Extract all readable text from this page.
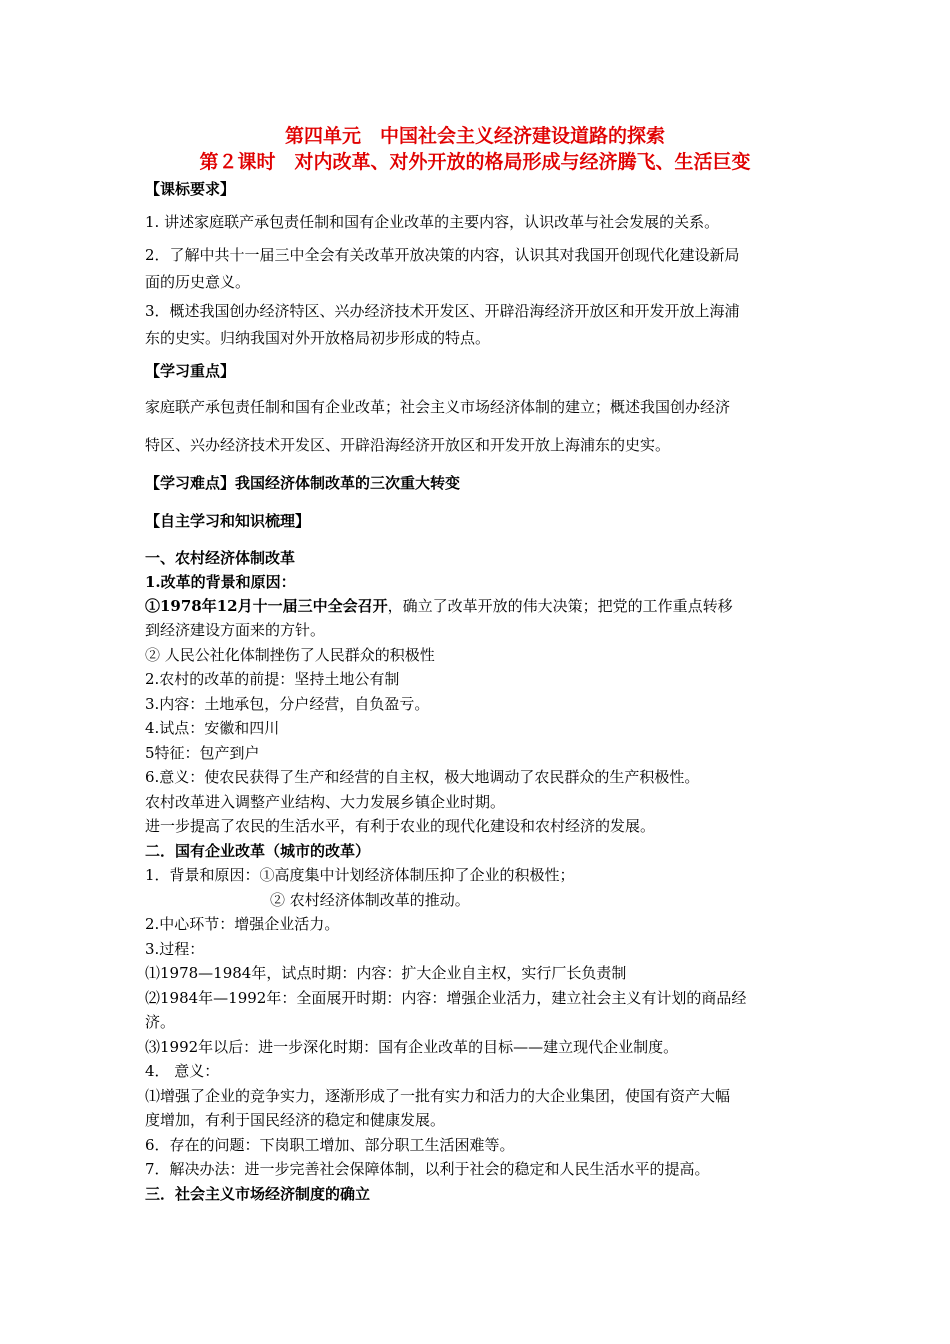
第四单元　中国社会主义经济建设道路的探索
第２课时　对内改革、对外开放的格局形成与经济腾飞、生活巨变
【课标要求】
1. 讲述家庭联产承包责任制和国有企业改革的主要内容，认识改革与社会发展的关系。
2．了解中共十一届三中全会有关改革开放决策的内容，认识其对我国开创现代化建设新局
面的历史意义。
3．概述我国创办经济特区、兴办经济技术开发区、开辟沿海经济开放区和开发开放上海浦
东的史实。归纳我国对外开放格局初步形成的特点。
【学习重点】
家庭联产承包责任制和国有企业改革；社会主义市场经济体制的建立；概述我国创办经济
特区、兴办经济技术开发区、开辟沿海经济开放区和开发开放上海浦东的史实。
【学习难点】我国经济体制改革的三次重大转变
【自主学习和知识梳理】
一、农村经济体制改革
1.改革的背景和原因：
①1978年12月十一届三中全会召开，确立了改革开放的伟大决策；把党的工作重点转移
到经济建设方面来的方针。
② 人民公社化体制挫伤了人民群众的积极性
2.农村的改革的前提：坚持土地公有制
3.内容：土地承包，分户经营，自负盈亏。
4.试点：安徽和四川
5特征：包产到户
6.意义：使农民获得了生产和经营的自主权，极大地调动了农民群众的生产积极性。
农村改革进入调整产业结构、大力发展乡镇企业时期。
进一步提高了农民的生活水平，有利于农业的现代化建设和农村经济的发展。
二．国有企业改革（城市的改革）
1．背景和原因：①高度集中计划经济体制压抑了企业的积极性；
② 农村经济体制改革的推动。
2.中心环节：增强企业活力。
3.过程：
⑴1978—1984年，试点时期：内容：扩大企业自主权，实行厂长负责制
⑵1984年—1992年：全面展开时期：内容：增强企业活力，建立社会主义有计划的商品经
济。
⑶1992年以后：进一步深化时期：国有企业改革的目标——建立现代企业制度。
4． 意义：
⑴增强了企业的竞争实力，逐渐形成了一批有实力和活力的大企业集团，使国有资产大幅
度增加，有利于国民经济的稳定和健康发展。
6．存在的问题：下岗职工增加、部分职工生活困难等。
7．解决办法：进一步完善社会保障体制，以利于社会的稳定和人民生活水平的提高。
三．社会主义市场经济制度的确立
